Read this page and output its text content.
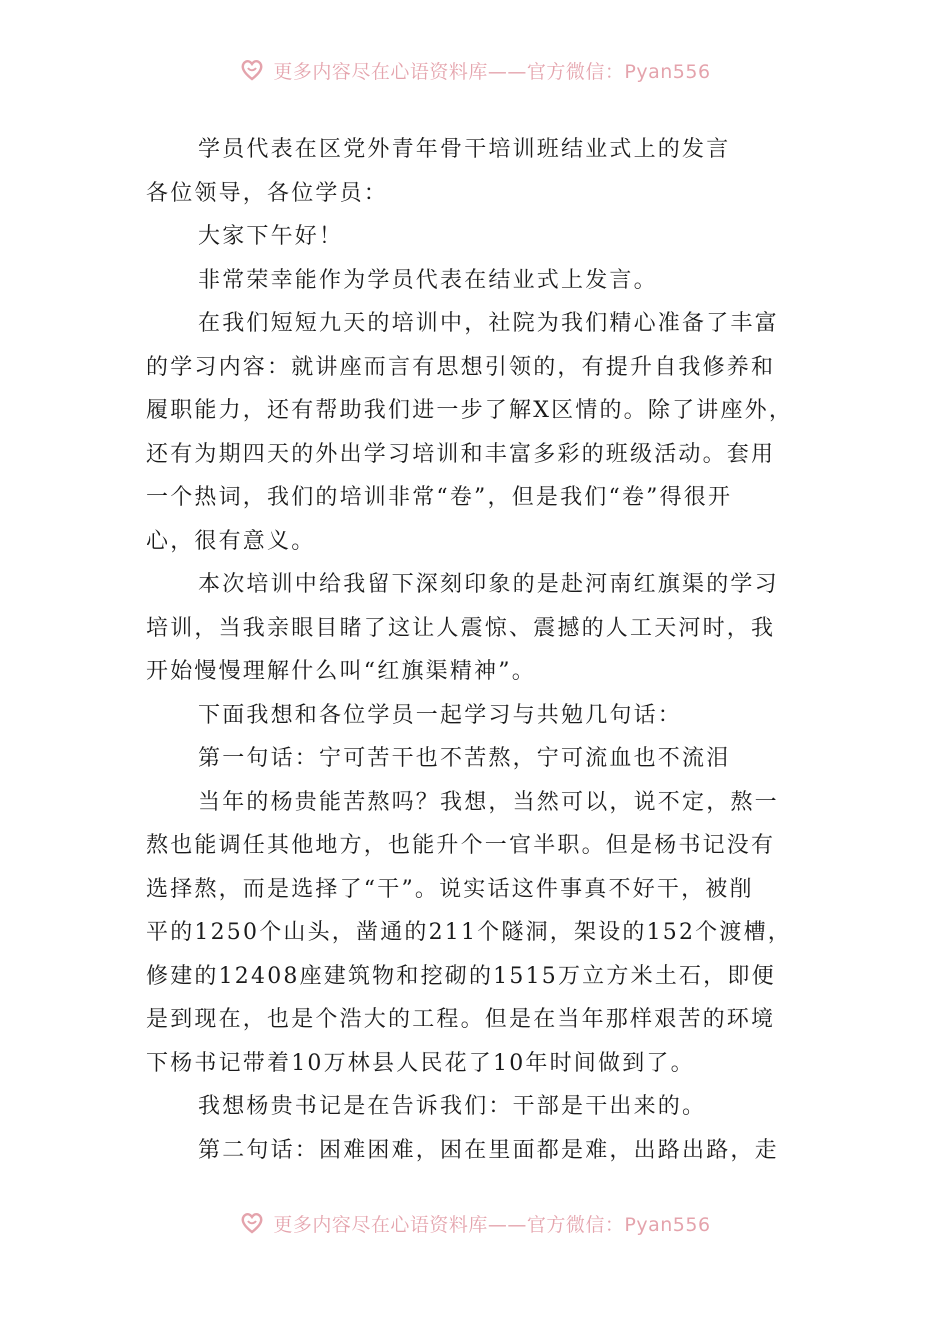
更多内容尽在心语资料库——官方微信：Pyan556

学员代表在区党外青年骨干培训班结业式上的发言

各位领导，各位学员：

大家下午好！

非常荣幸能作为学员代表在结业式上发言。

在我们短短九天的培训中，社院为我们精心准备了丰富

的学习内容：就讲座而言有思想引领的，有提升自我修养和

履职能力，还有帮助我们进一步了解X区情的。除了讲座外，

还有为期四天的外出学习培训和丰富多彩的班级活动。套用

一个热词，我们的培训非常“卷”，但是我们“卷”得很开

心，很有意义。

本次培训中给我留下深刻印象的是赴河南红旗渠的学习

培训，当我亲眼目睹了这让人震惊、震撼的人工天河时，我

开始慢慢理解什么叫“红旗渠精神”。

下面我想和各位学员一起学习与共勉几句话：

第一句话：宁可苦干也不苦熬，宁可流血也不流泪

当年的杨贵能苦熬吗？我想，当然可以，说不定，熬一

熬也能调任其他地方，也能升个一官半职。但是杨书记没有

选择熬，而是选择了“干”。说实话这件事真不好干，被削

平的1250个山头，凿通的211个隧洞，架设的152个渡槽，

修建的12408座建筑物和挖砌的1515万立方米土石，即便

是到现在，也是个浩大的工程。但是在当年那样艰苦的环境

下杨书记带着10万林县人民花了10年时间做到了。

我想杨贵书记是在告诉我们：干部是干出来的。

第二句话：困难困难，困在里面都是难，出路出路，走

更多内容尽在心语资料库——官方微信：Pyan556
